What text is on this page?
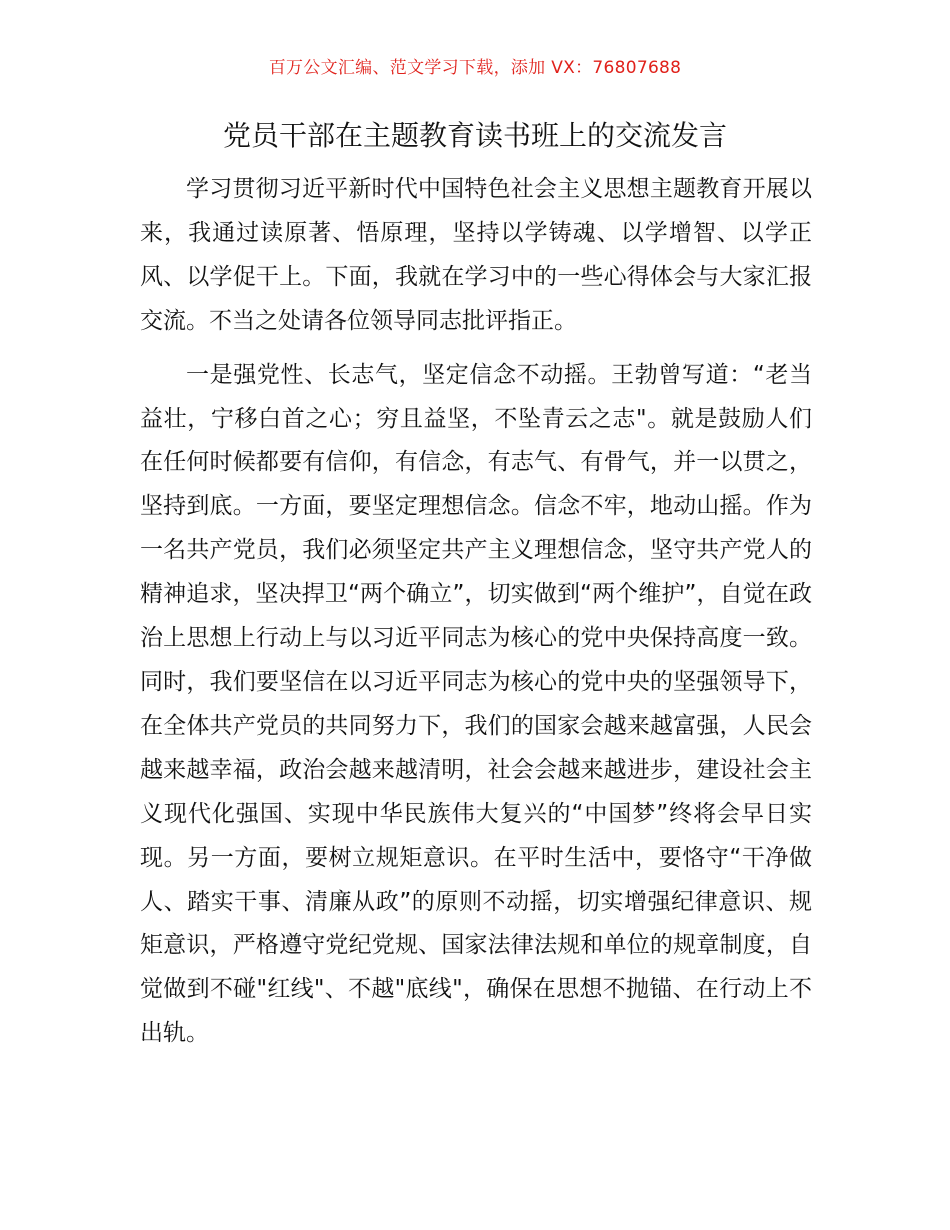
百万公文汇编、范文学习下载，添加 VX：76807688
党员干部在主题教育读书班上的交流发言

学习贯彻习近平新时代中国特色社会主义思想主题教育开展以来，我通过读原著、悟原理，坚持以学铸魂、以学增智、以学正风、以学促干上。下面，我就在学习中的一些心得体会与大家汇报交流。不当之处请各位领导同志批评指正。

一是强党性、长志气，坚定信念不动摇。王勃曾写道：“老当益壮，宁移白首之心；穷且益坚，不坠青云之志"。就是鼓励人们在任何时候都要有信仰，有信念，有志气、有骨气，并一以贯之，坚持到底。一方面，要坚定理想信念。信念不牢，地动山摇。作为一名共产党员，我们必须坚定共产主义理想信念，坚守共产党人的精神追求，坚决捍卫“两个确立”，切实做到“两个维护”，自觉在政治上思想上行动上与以习近平同志为核心的党中央保持高度一致。同时，我们要坚信在以习近平同志为核心的党中央的坚强领导下，在全体共产党员的共同努力下，我们的国家会越来越富强，人民会越来越幸福，政治会越来越清明，社会会越来越进步，建设社会主义现代化强国、实现中华民族伟大复兴的“中国梦”终将会早日实现。另一方面，要树立规矩意识。在平时生活中，要恪守“干净做人、踏实干事、清廉从政”的原则不动摇，切实增强纪律意识、规矩意识，严格遵守党纪党规、国家法律法规和单位的规章制度，自觉做到不碰"红线"、不越"底线"，确保在思想不抛锚、在行动上不出轨。
